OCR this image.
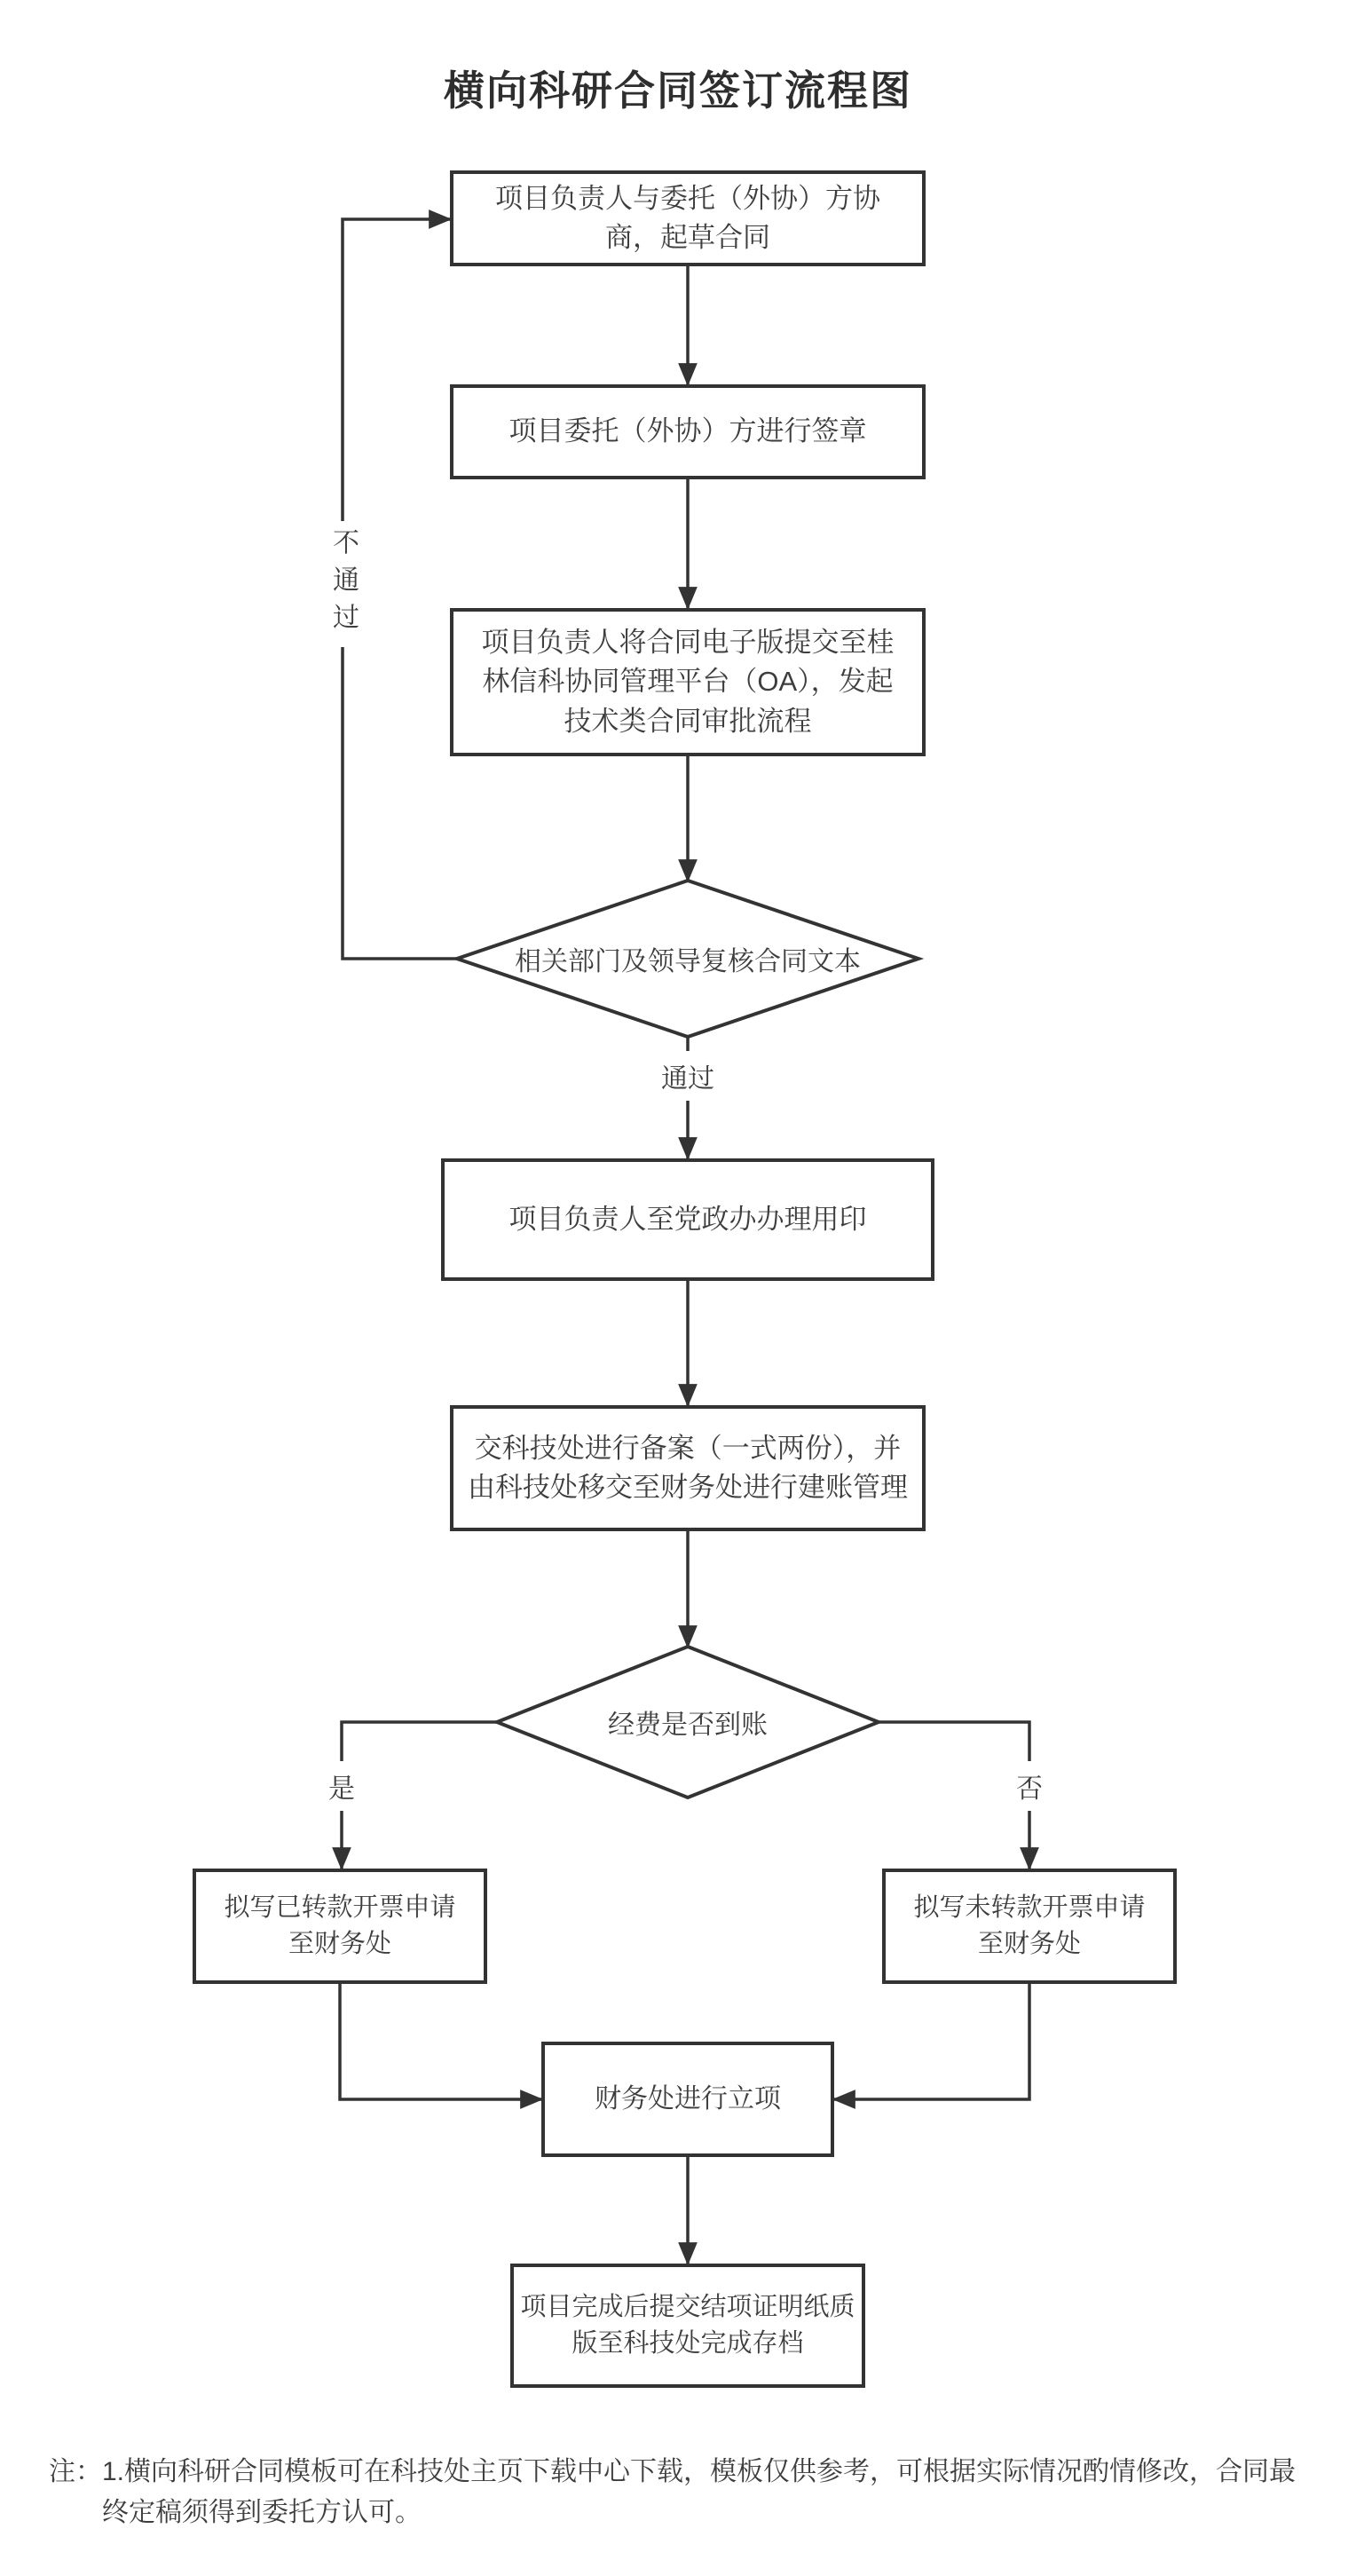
横向科研合同签订流程图
项目负责人与委托（外协）方协商，起草合同
项目委托（外协）方进行签章
项目负责人将合同电子版提交至桂林信科协同管理平台（OA），发起技术类合同审批流程
相关部门及领导复核合同文本
项目负责人至党政办办理用印
交科技处进行备案（一式两份），并由科技处移交至财务处进行建账管理
经费是否到账
拟写已转款开票申请至财务处
拟写未转款开票申请至财务处
财务处进行立项
项目完成后提交结项证明纸质版至科技处完成存档
不通过
通过
是	否
注： 1.横向科研合同模板可在科技处主页下载中心下载，模板仅供参考，可根据实际情况酌情修改，合同最终定稿须得到委托方认可。
